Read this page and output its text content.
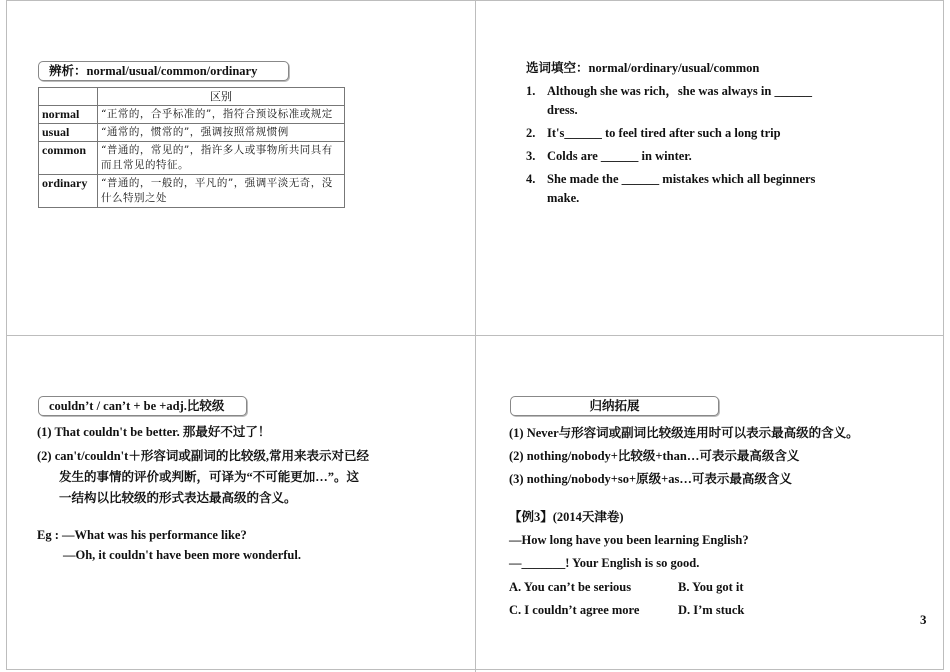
辨析：normal/usual/common/ordinary
	区别
normal	“正常的，合乎标准的”，指符合预设标准或规定
usual	“通常的，惯常的”，强调按照常规惯例
common	“普通的，常见的”，指许多人或事物所共同具有而且常见的特征。
ordinary	“普通的，一般的，平凡的”，强调平淡无奇，没什么特别之处
选词填空：normal/ordinary/usual/common
1. Although she was rich，she was always in ______ dress.
2. It's______ to feel tired after such a long trip
3. Colds are ______ in winter.
4. She made the ______ mistakes which all beginners make.
couldn’t / can’t + be +adj.比较级
(1) That couldn't be better. 那最好不过了！
(2) can't/couldn't＋形容词或副词的比较级,常用来表示对已经发生的事情的评价或判断，可译为“不可能更加…”。这一结构以比较级的形式表达最高级的含义。
Eg : —What was his performance like?
—Oh, it couldn't have been more wonderful.
归纳拓展
(1) Never与形容词或副词比较级连用时可以表示最高级的含义。
(2) nothing/nobody+比较级+than…可表示最高级含义
(3) nothing/nobody+so+原级+as…可表示最高级含义
【例3】(2014天津卷)
—How long have you been learning English?
—_______! Your English is so good.
A. You can’t be serious	B. You got it
C. I couldn’t agree more	D. I’m stuck
3
